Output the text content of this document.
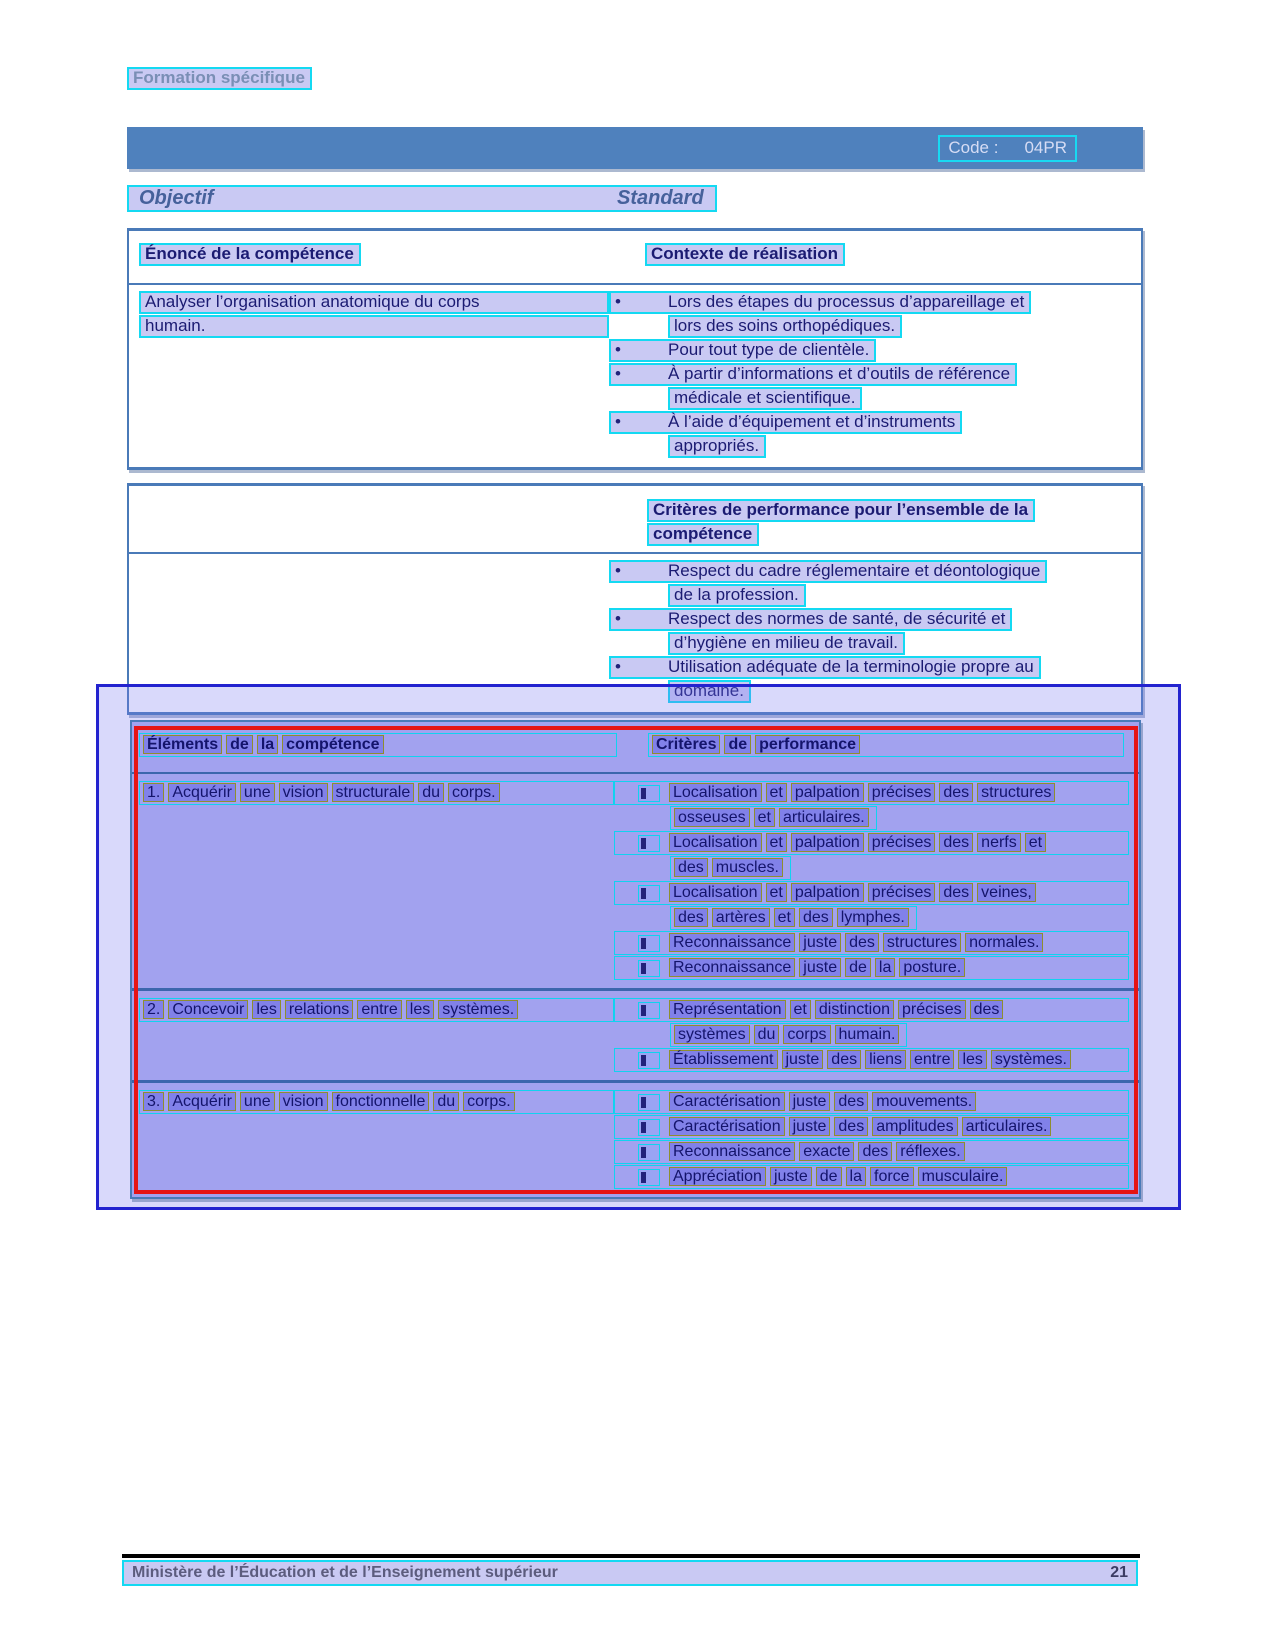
Formation spécifique
Code : 04PR
Objectif	Standard
Énoncé de la compétence	Contexte de réalisation
Analyser l’organisation anatomique du corps
humain.
•	Lors des étapes du processus d’appareillage et
lors des soins orthopédiques.
•	Pour tout type de clientèle.
•	À partir d’informations et d’outils de référence
médicale et scientifique.
•	À l’aide d’équipement et d’instruments
appropriés.
Critères de performance pour l’ensemble de la
compétence
•	Respect du cadre réglementaire et déontologique
de la profession.
•	Respect des normes de santé, de sécurité et
d’hygiène en milieu de travail.
•	Utilisation adéquate de la terminologie propre au
domaine.
Éléments de la compétence	Critères de performance
1. Acquérir une vision structurale du corps.	Localisation et palpation précises des structures
osseuses et articulaires.
Localisation et palpation précises des nerfs et
des muscles.
Localisation et palpation précises des veines,
des artères et des lymphes.
Reconnaissance juste des structures normales.
Reconnaissance juste de la posture.
2. Concevoir les relations entre les systèmes.	Représentation et distinction précises des
systèmes du corps humain.
Établissement juste des liens entre les systèmes.
3. Acquérir une vision fonctionnelle du corps.	Caractérisation juste des mouvements.
Caractérisation juste des amplitudes articulaires.
Reconnaissance exacte des réflexes.
Appréciation juste de la force musculaire.
Ministère de l’Éducation et de l’Enseignement supérieur	21
